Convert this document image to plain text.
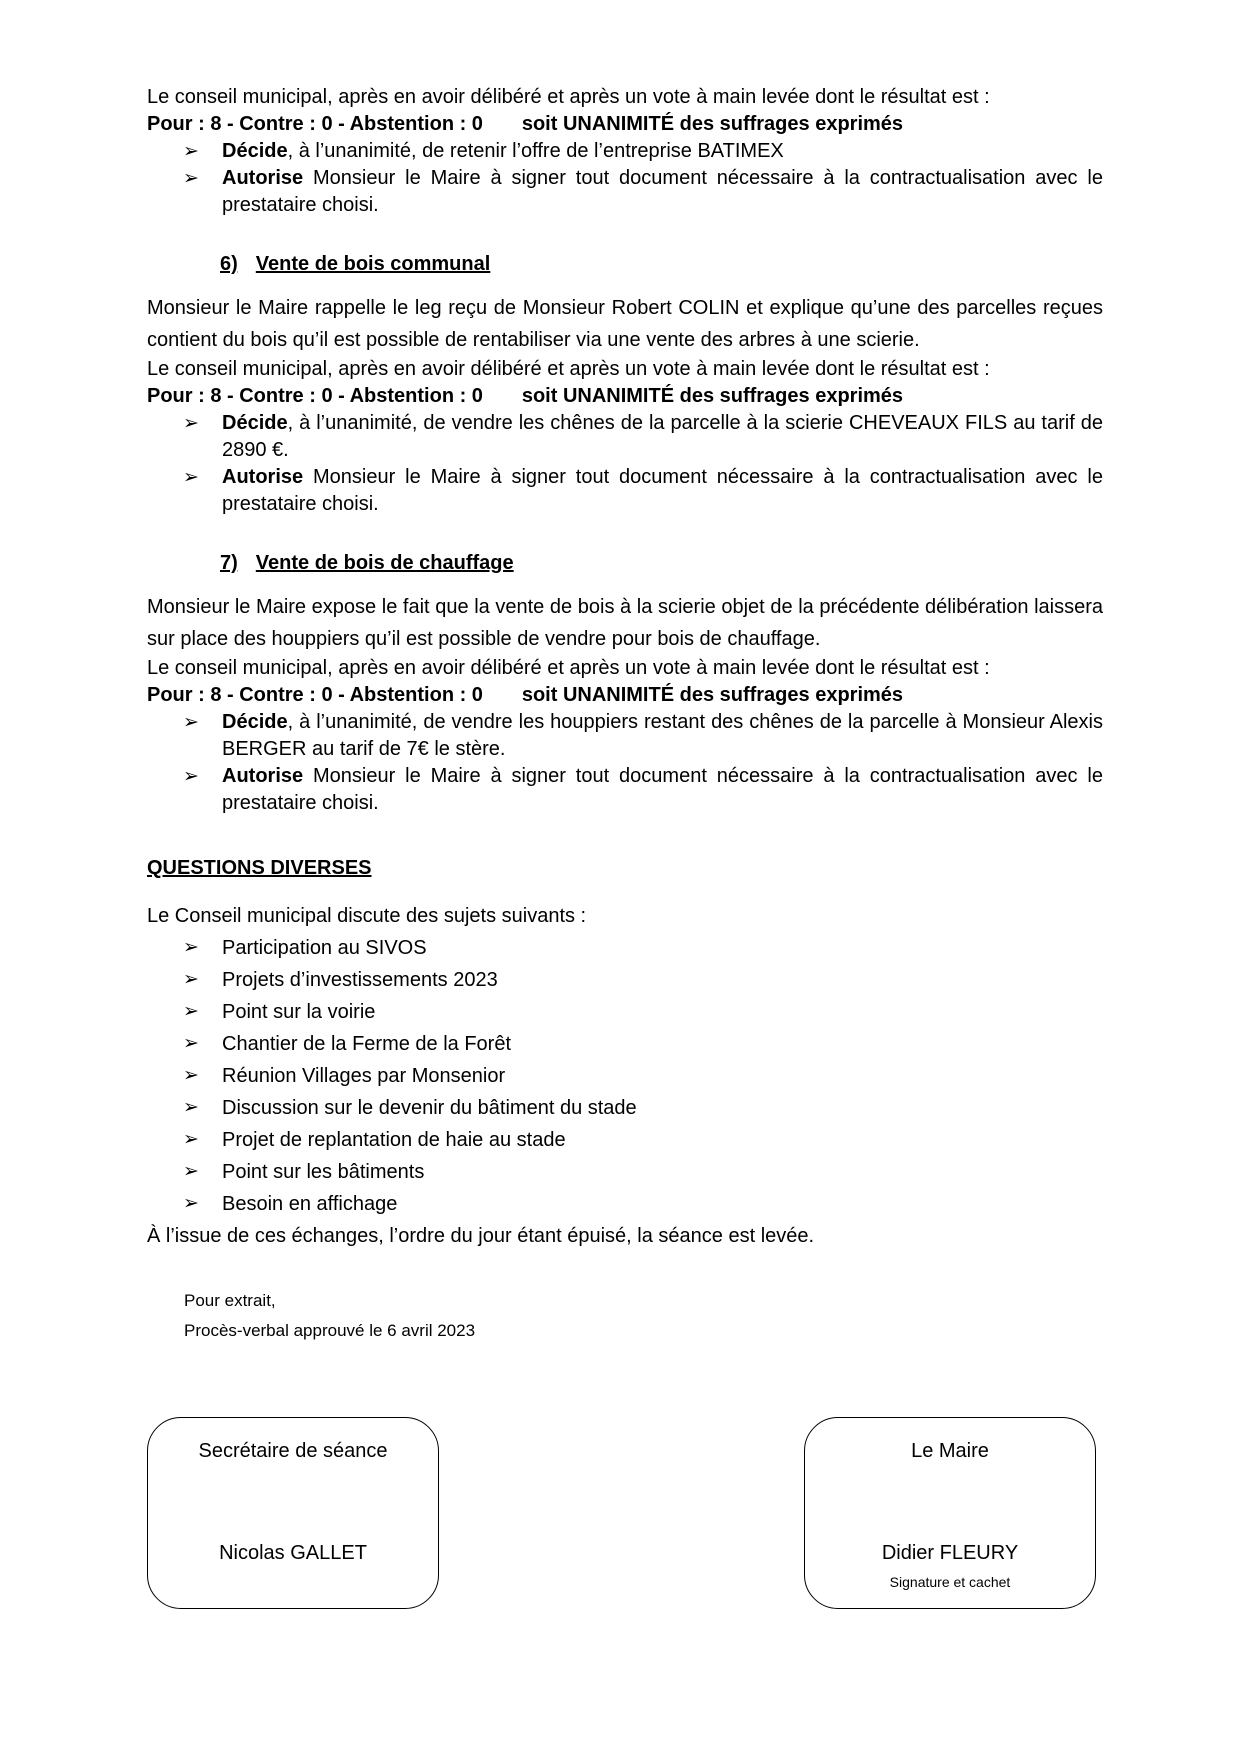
Le conseil municipal, après en avoir délibéré et après un vote à main levée dont le résultat est :

Pour : 8 - Contre : 0 - Abstention : 0       soit UNANIMITÉ des suffrages exprimés

➢ Décide, à l’unanimité, de retenir l’offre de l’entreprise BATIMEX
➢ Autorise Monsieur le Maire à signer tout document nécessaire à la contractualisation avec le prestataire choisi.
6) Vente de bois communal

Monsieur le Maire rappelle le leg reçu de Monsieur Robert COLIN et explique qu’une des parcelles reçues contient du bois qu’il est possible de rentabiliser via une vente des arbres à une scierie.

Le conseil municipal, après en avoir délibéré et après un vote à main levée dont le résultat est :

Pour : 8 - Contre : 0 - Abstention : 0       soit UNANIMITÉ des suffrages exprimés

➢ Décide, à l’unanimité, de vendre les chênes de la parcelle à la scierie CHEVEAUX FILS au tarif de 2890 €.
➢ Autorise Monsieur le Maire à signer tout document nécessaire à la contractualisation avec le prestataire choisi.
7) Vente de bois de chauffage

Monsieur le Maire expose le fait que la vente de bois à la scierie objet de la précédente délibération laissera sur place des houppiers qu’il est possible de vendre pour bois de chauffage.

Le conseil municipal, après en avoir délibéré et après un vote à main levée dont le résultat est :

Pour : 8 - Contre : 0 - Abstention : 0       soit UNANIMITÉ des suffrages exprimés

➢ Décide, à l’unanimité, de vendre les houppiers restant des chênes de la parcelle à Monsieur Alexis BERGER au tarif de 7€ le stère.
➢ Autorise Monsieur le Maire à signer tout document nécessaire à la contractualisation avec le prestataire choisi.
QUESTIONS DIVERSES

Le Conseil municipal discute des sujets suivants :

➢ Participation au SIVOS
➢ Projets d’investissements 2023
➢ Point sur la voirie
➢ Chantier de la Ferme de la Forêt
➢ Réunion Villages par Monsenior
➢ Discussion sur le devenir du bâtiment du stade
➢ Projet de replantation de haie au stade
➢ Point sur les bâtiments
➢ Besoin en affichage

À l’issue de ces échanges, l’ordre du jour étant épuisé, la séance est levée.

Pour extrait,
Procès-verbal approuvé le 6 avril 2023
Secrétaire de séance
Nicolas GALLET
Le Maire
Didier FLEURY
Signature et cachet
